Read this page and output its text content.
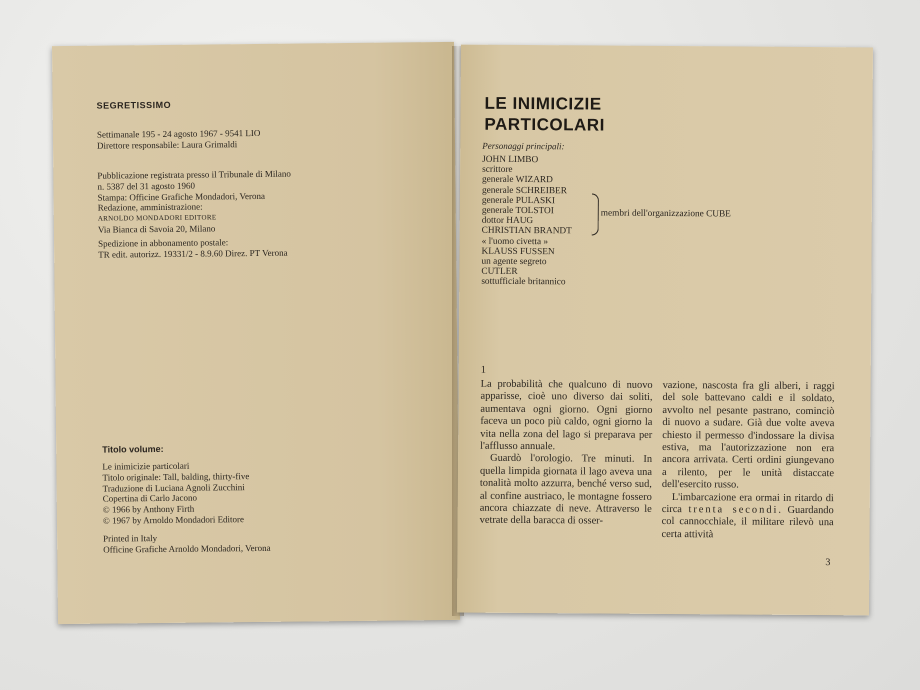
SEGRETISSIMO
Settimanale 195 - 24 agosto 1967 - 9541 LIO
Direttore responsabile: Laura Grimaldi
Pubblicazione registrata presso il Tribunale di Milano
n. 5387 del 31 agosto 1960
Stampa: Officine Grafiche Mondadori, Verona
Redazione, amministrazione:
ARNOLDO MONDADORI EDITORE
Via Bianca di Savoia 20, Milano
Spedizione in abbonamento postale:
TR edit. autorizz. 19331/2 - 8.9.60 Direz. PT Verona
Titolo volume:
Le inimicizie particolari
Titolo originale: Tall, balding, thirty-five
Traduzione di Luciana Agnoli Zucchini
Copertina di Carlo Jacono
© 1966 by Anthony Firth
© 1967 by Arnoldo Mondadori Editore
Printed in Italy
Officine Grafiche Arnoldo Mondadori, Verona
LE INIMICIZIE
PARTICOLARI
Personaggi principali:
JOHN LIMBO
scrittore
generale WIZARD
generale SCHREIBER
generale PULASKI
generale TOLSTOI
dottor HAUG
CHRISTIAN BRANDT
« l'uomo civetta »
KLAUSS FUSSEN
un agente segreto
CUTLER
sottufficiale britannico
membri dell'organizzazione CUBE
1

La probabilità che qualcuno di nuovo apparisse, cioè uno diverso dai soliti, aumentava ogni giorno. Ogni giorno faceva un poco più caldo, ogni giorno la vita nella zona del lago si preparava per l'afflusso annuale.

Guardò l'orologio. Tre minuti. In quella limpida giornata il lago aveva una tonalità molto azzurra, benché verso sud, al confine austriaco, le montagne fossero ancora chiazzate di neve. Attraverso le vetrate della baracca di osser-

vazione, nascosta fra gli alberi, i raggi del sole battevano caldi e il soldato, avvolto nel pesante pastrano, cominciò di nuovo a sudare. Già due volte aveva chiesto il permesso d'indossare la divisa estiva, ma l'autorizzazione non era ancora arrivata. Certi ordini giungevano a rilento, per le unità distaccate dell'esercito russo.

L'imbarcazione era ormai in ritardo di circa trenta secondi. Guardando col cannocchiale, il militare rilevò una certa attività

3
